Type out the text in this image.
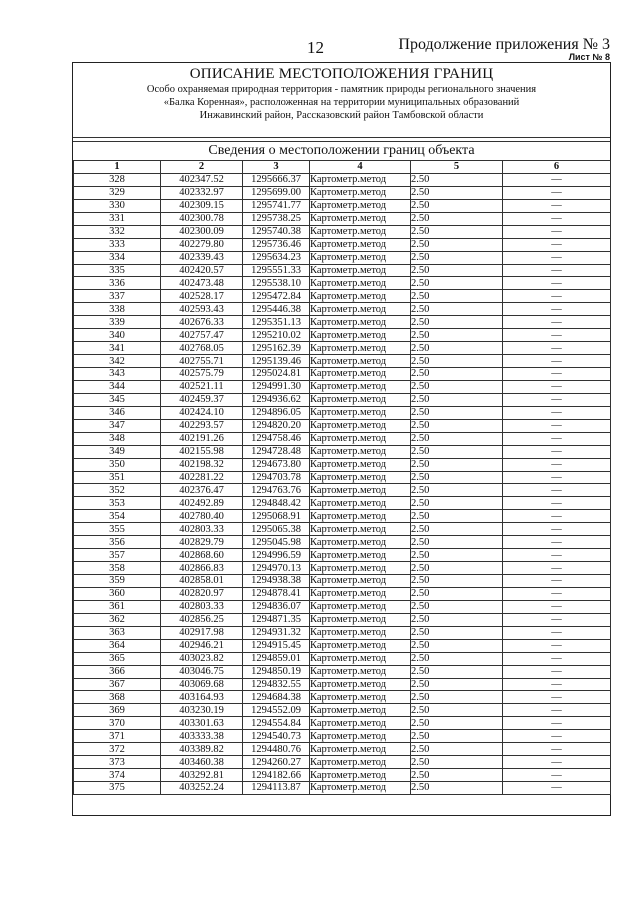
12	Продолжение приложения № 3
Лист № 8
ОПИСАНИЕ МЕСТОПОЛОЖЕНИЯ ГРАНИЦ
Особо охраняемая природная территория - памятник природы регионального значения
«Балка Коренная», расположенная на территории муниципальных образований
Инжавинский район, Рассказовский район Тамбовской области
Сведения о местоположении границ объекта
1	2	3	4	5	6
328	402347.52	1295666.37	Картометр.метод	2.50	—
329	402332.97	1295699.00	Картометр.метод	2.50	—
330	402309.15	1295741.77	Картометр.метод	2.50	—
331	402300.78	1295738.25	Картометр.метод	2.50	—
332	402300.09	1295740.38	Картометр.метод	2.50	—
333	402279.80	1295736.46	Картометр.метод	2.50	—
334	402339.43	1295634.23	Картометр.метод	2.50	—
335	402420.57	1295551.33	Картометр.метод	2.50	—
336	402473.48	1295538.10	Картометр.метод	2.50	—
337	402528.17	1295472.84	Картометр.метод	2.50	—
338	402593.43	1295446.38	Картометр.метод	2.50	—
339	402676.33	1295351.13	Картометр.метод	2.50	—
340	402757.47	1295210.02	Картометр.метод	2.50	—
341	402768.05	1295162.39	Картометр.метод	2.50	—
342	402755.71	1295139.46	Картометр.метод	2.50	—
343	402575.79	1295024.81	Картометр.метод	2.50	—
344	402521.11	1294991.30	Картометр.метод	2.50	—
345	402459.37	1294936.62	Картометр.метод	2.50	—
346	402424.10	1294896.05	Картометр.метод	2.50	—
347	402293.57	1294820.20	Картометр.метод	2.50	—
348	402191.26	1294758.46	Картометр.метод	2.50	—
349	402155.98	1294728.48	Картометр.метод	2.50	—
350	402198.32	1294673.80	Картометр.метод	2.50	—
351	402281.22	1294703.78	Картометр.метод	2.50	—
352	402376.47	1294763.76	Картометр.метод	2.50	—
353	402492.89	1294848.42	Картометр.метод	2.50	—
354	402780.40	1295068.91	Картометр.метод	2.50	—
355	402803.33	1295065.38	Картометр.метод	2.50	—
356	402829.79	1295045.98	Картометр.метод	2.50	—
357	402868.60	1294996.59	Картометр.метод	2.50	—
358	402866.83	1294970.13	Картометр.метод	2.50	—
359	402858.01	1294938.38	Картометр.метод	2.50	—
360	402820.97	1294878.41	Картометр.метод	2.50	—
361	402803.33	1294836.07	Картометр.метод	2.50	—
362	402856.25	1294871.35	Картометр.метод	2.50	—
363	402917.98	1294931.32	Картометр.метод	2.50	—
364	402946.21	1294915.45	Картометр.метод	2.50	—
365	403023.82	1294859.01	Картометр.метод	2.50	—
366	403046.75	1294850.19	Картометр.метод	2.50	—
367	403069.68	1294832.55	Картометр.метод	2.50	—
368	403164.93	1294684.38	Картометр.метод	2.50	—
369	403230.19	1294552.09	Картометр.метод	2.50	—
370	403301.63	1294554.84	Картометр.метод	2.50	—
371	403333.38	1294540.73	Картометр.метод	2.50	—
372	403389.82	1294480.76	Картометр.метод	2.50	—
373	403460.38	1294260.27	Картометр.метод	2.50	—
374	403292.81	1294182.66	Картометр.метод	2.50	—
375	403252.24	1294113.87	Картометр.метод	2.50	—
